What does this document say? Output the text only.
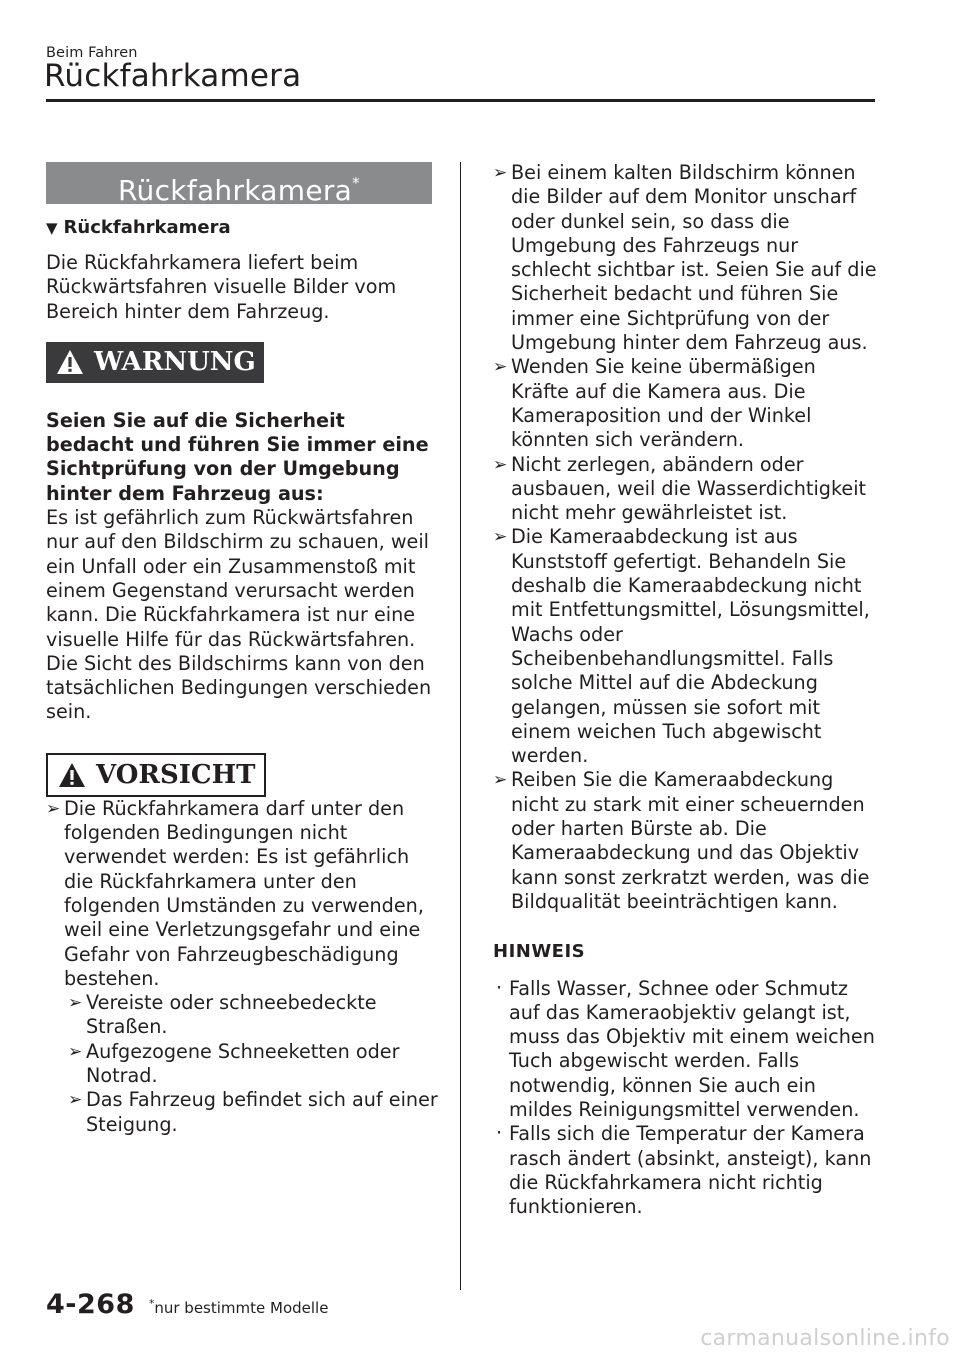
Beim Fahren
Rückfahrkamera
Rückfahrkamera*
▼ Rückfahrkamera
Die Rückfahrkamera liefert beim Rückwärtsfahren visuelle Bilder vom Bereich hinter dem Fahrzeug.
WARNUNG
Seien Sie auf die Sicherheit bedacht und führen Sie immer eine Sichtprüfung von der Umgebung hinter dem Fahrzeug aus:
Es ist gefährlich zum Rückwärtsfahren nur auf den Bildschirm zu schauen, weil ein Unfall oder ein Zusammenstoß mit einem Gegenstand verursacht werden kann. Die Rückfahrkamera ist nur eine visuelle Hilfe für das Rückwärtsfahren. Die Sicht des Bildschirms kann von den tatsächlichen Bedingungen verschieden sein.
VORSICHT
➢ Die Rückfahrkamera darf unter den folgenden Bedingungen nicht verwendet werden: Es ist gefährlich die Rückfahrkamera unter den folgenden Umständen zu verwenden, weil eine Verletzungsgefahr und eine Gefahr von Fahrzeugbeschädigung bestehen.
➢ Vereiste oder schneebedeckte Straßen.
➢ Aufgezogene Schneeketten oder Notrad.
➢ Das Fahrzeug befindet sich auf einer Steigung.
➢ Bei einem kalten Bildschirm können die Bilder auf dem Monitor unscharf oder dunkel sein, so dass die Umgebung des Fahrzeugs nur schlecht sichtbar ist. Seien Sie auf die Sicherheit bedacht und führen Sie immer eine Sichtprüfung von der Umgebung hinter dem Fahrzeug aus.
➢ Wenden Sie keine übermäßigen Kräfte auf die Kamera aus. Die Kameraposition und der Winkel könnten sich verändern.
➢ Nicht zerlegen, abändern oder ausbauen, weil die Wasserdichtigkeit nicht mehr gewährleistet ist.
➢ Die Kameraabdeckung ist aus Kunststoff gefertigt. Behandeln Sie deshalb die Kameraabdeckung nicht mit Entfettungsmittel, Lösungsmittel, Wachs oder Scheibenbehandlungsmittel. Falls solche Mittel auf die Abdeckung gelangen, müssen sie sofort mit einem weichen Tuch abgewischt werden.
➢ Reiben Sie die Kameraabdeckung nicht zu stark mit einer scheuernden oder harten Bürste ab. Die Kameraabdeckung und das Objektiv kann sonst zerkratzt werden, was die Bildqualität beeinträchtigen kann.
HINWEIS
· Falls Wasser, Schnee oder Schmutz auf das Kameraobjektiv gelangt ist, muss das Objektiv mit einem weichen Tuch abgewischt werden. Falls notwendig, können Sie auch ein mildes Reinigungsmittel verwenden.
· Falls sich die Temperatur der Kamera rasch ändert (absinkt, ansteigt), kann die Rückfahrkamera nicht richtig funktionieren.
4-268 *nur bestimmte Modelle
carmanualsonline.info
